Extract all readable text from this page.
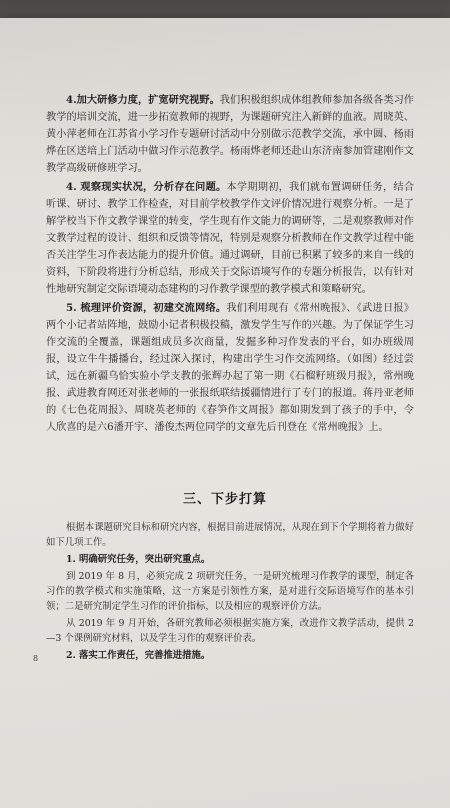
4.加大研修力度，扩宽研究视野。我们积极组织成体组教师参加各级各类习作教学的培训交流，进一步拓宽教师的视野，为课题研究注入新鲜的血液。周晓英、黄小萍老师在江苏省小学习作专题研讨活动中分别做示范教学交流，承中圆、杨雨烨在区送培上门活动中做习作示范教学。杨雨烨老师还赴山东济南参加管建刚作文教学高级研修班学习。

4. 观察现实状况，分析存在问题。本学期期初，我们就布置调研任务，结合听课、研讨、教学工作检查，对目前学校教学作文评价情况进行观察分析。一是了解学校当下作文教学课堂的转变，学生现有作文能力的调研等，二是观察教师对作文教学过程的设计、组织和反馈等情况，特别是观察分析教师在作文教学过程中能否关注学生习作表达能力的提升价值。通过调研，目前已积累了较多的来自一线的资料，下阶段将进行分析总结，形成关于交际语境写作的专题分析报告，以有针对性地研究制定交际语境动态建构的习作教学课型的教学模式和策略研究。

5. 梳理评价资源，初建交流网络。我们利用现有《常州晚报》、《武进日报》两个小记者站阵地，鼓励小记者积极投稿，激发学生写作的兴趣。为了保证学生习作交流的全覆盖，课题组成员多次商量，发掘多种习作发表的平台，如办班级周报，设立牛牛播播台，经过深入探讨，构建出学生习作交流网络。（如图）经过尝试，远在新疆乌恰实验小学支教的张辉办起了第一期《石榴籽班级月报》，常州晚报、武进教育网还对张老师的一张报纸联结援疆情进行了专门的报道。蒋丹亚老师的《七色花周报》、周晓英老师的《春笋作文周报》都如期发到了孩子的手中，令人欣喜的是六6潘开宇、潘俊杰两位同学的文章先后刊登在《常州晚报》上。

三、下步打算

根据本课题研究目标和研究内容，根据目前进展情况，从现在到下个学期将着力做好如下几项工作。

1. 明确研究任务，突出研究重点。

到 2019 年 8 月，必须完成 2 项研究任务，一是研究梳理习作教学的课型，制定各习作的教学模式和实施策略，这一方案是引领性方案，是对进行交际语境写作的基本引领；二是研究制定学生习作的评价指标，以及相应的观察评价方法。

从 2019 年 9 月开始，各研究教师必须根据实施方案，改进作文教学活动，提供 2—3 个课例研究材料，以及学生习作的观察评价表。

2. 落实工作责任，完善推进措施。

8
